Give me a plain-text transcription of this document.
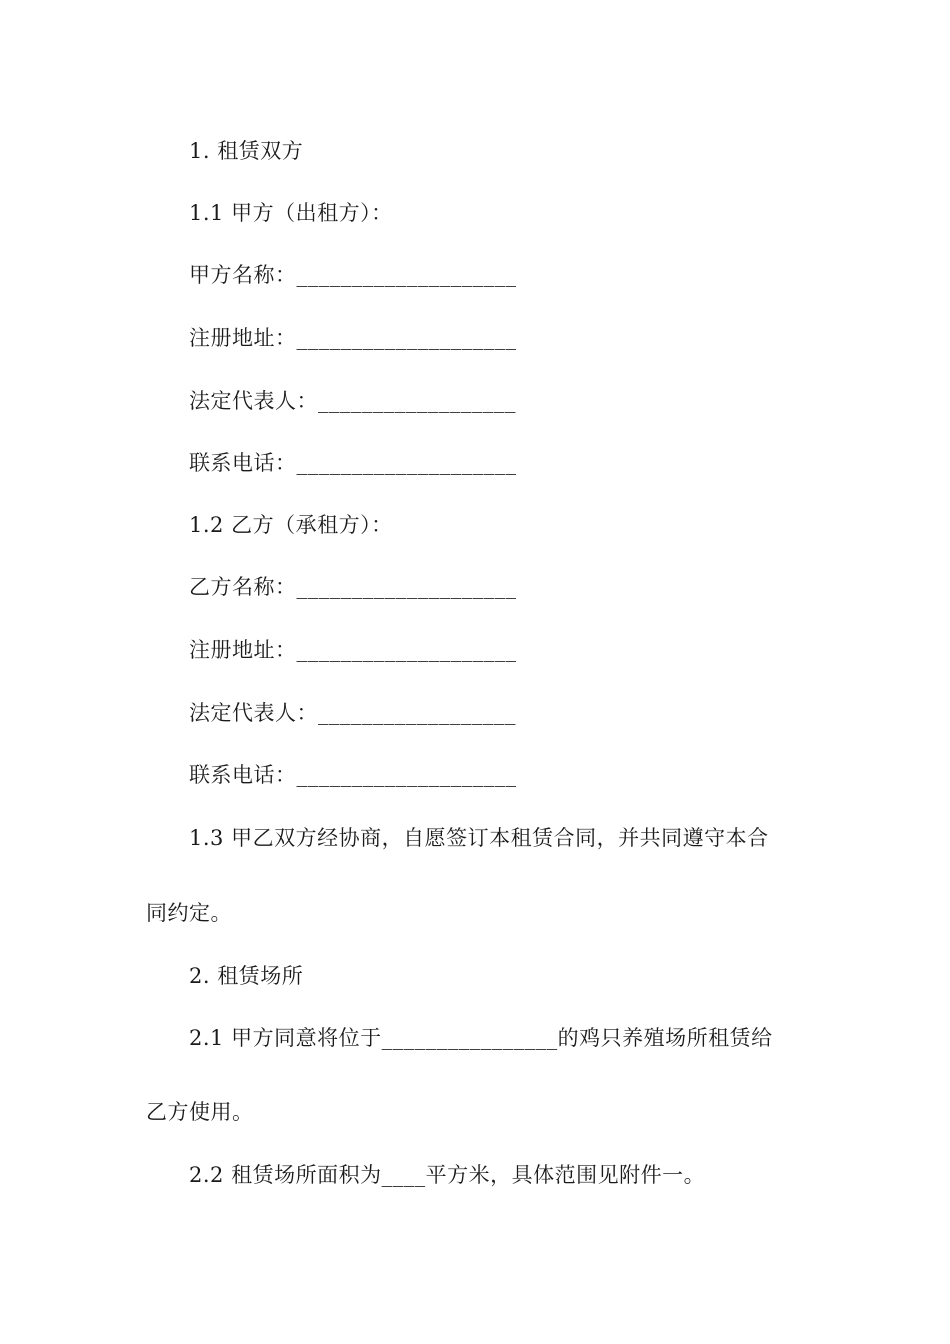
1. 租赁双方
1.1 甲方（出租方）：
甲方名称：____________________
注册地址：____________________
法定代表人：__________________
联系电话：____________________
1.2 乙方（承租方）：
乙方名称：____________________
注册地址：____________________
法定代表人：__________________
联系电话：____________________
1.3 甲乙双方经协商，自愿签订本租赁合同，并共同遵守本合
同约定。
2. 租赁场所
2.1 甲方同意将位于________________的鸡只养殖场所租赁给
乙方使用。
2.2 租赁场所面积为____平方米，具体范围见附件一。
